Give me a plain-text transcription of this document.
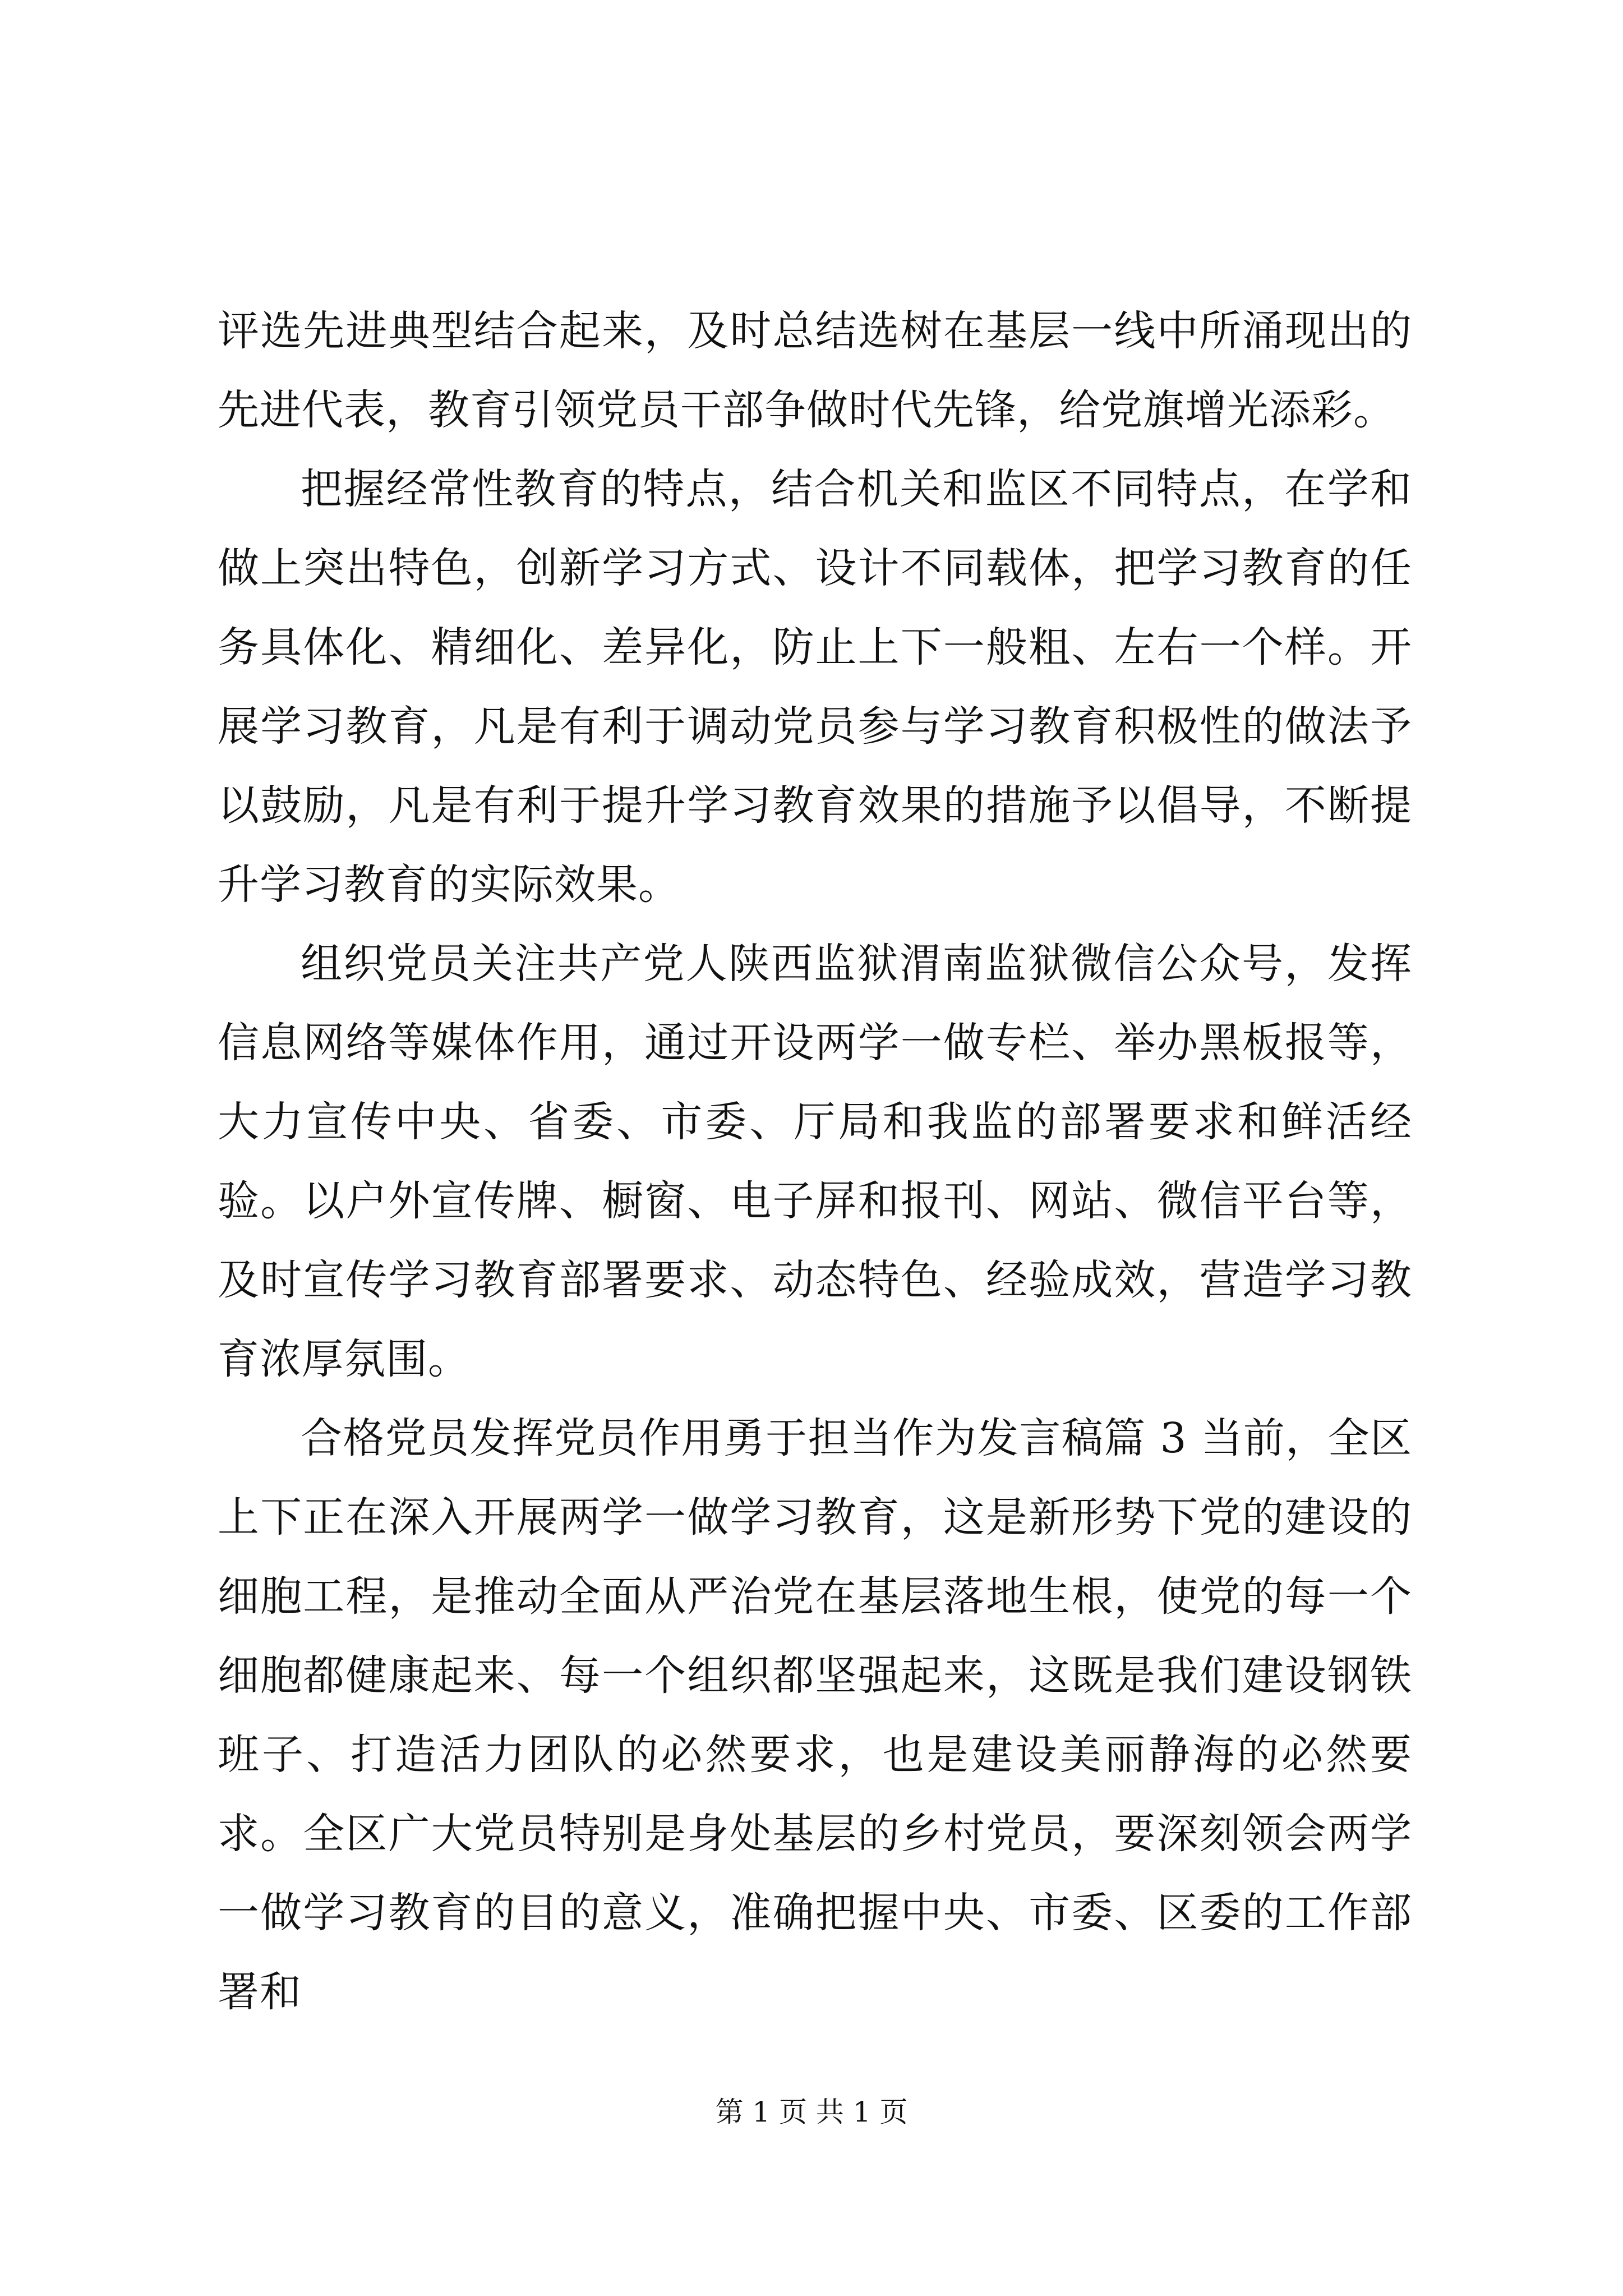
评选先进典型结合起来，及时总结选树在基层一线中所涌现出的先进代表，教育引领党员干部争做时代先锋，给党旗增光添彩。

把握经常性教育的特点，结合机关和监区不同特点，在学和做上突出特色，创新学习方式、设计不同载体，把学习教育的任务具体化、精细化、差异化，防止上下一般粗、左右一个样。开展学习教育，凡是有利于调动党员参与学习教育积极性的做法予以鼓励，凡是有利于提升学习教育效果的措施予以倡导，不断提升学习教育的实际效果。

组织党员关注共产党人陕西监狱渭南监狱微信公众号，发挥信息网络等媒体作用，通过开设两学一做专栏、举办黑板报等，大力宣传中央、省委、市委、厅局和我监的部署要求和鲜活经验。以户外宣传牌、橱窗、电子屏和报刊、网站、微信平台等，及时宣传学习教育部署要求、动态特色、经验成效，营造学习教育浓厚氛围。

合格党员发挥党员作用勇于担当作为发言稿篇 3 当前，全区上下正在深入开展两学一做学习教育，这是新形势下党的建设的细胞工程，是推动全面从严治党在基层落地生根，使党的每一个细胞都健康起来、每一个组织都坚强起来，这既是我们建设钢铁班子、打造活力团队的必然要求，也是建设美丽静海的必然要求。全区广大党员特别是身处基层的乡村党员，要深刻领会两学一做学习教育的目的意义，准确把握中央、市委、区委的工作部署和

第 1 页 共 1 页
